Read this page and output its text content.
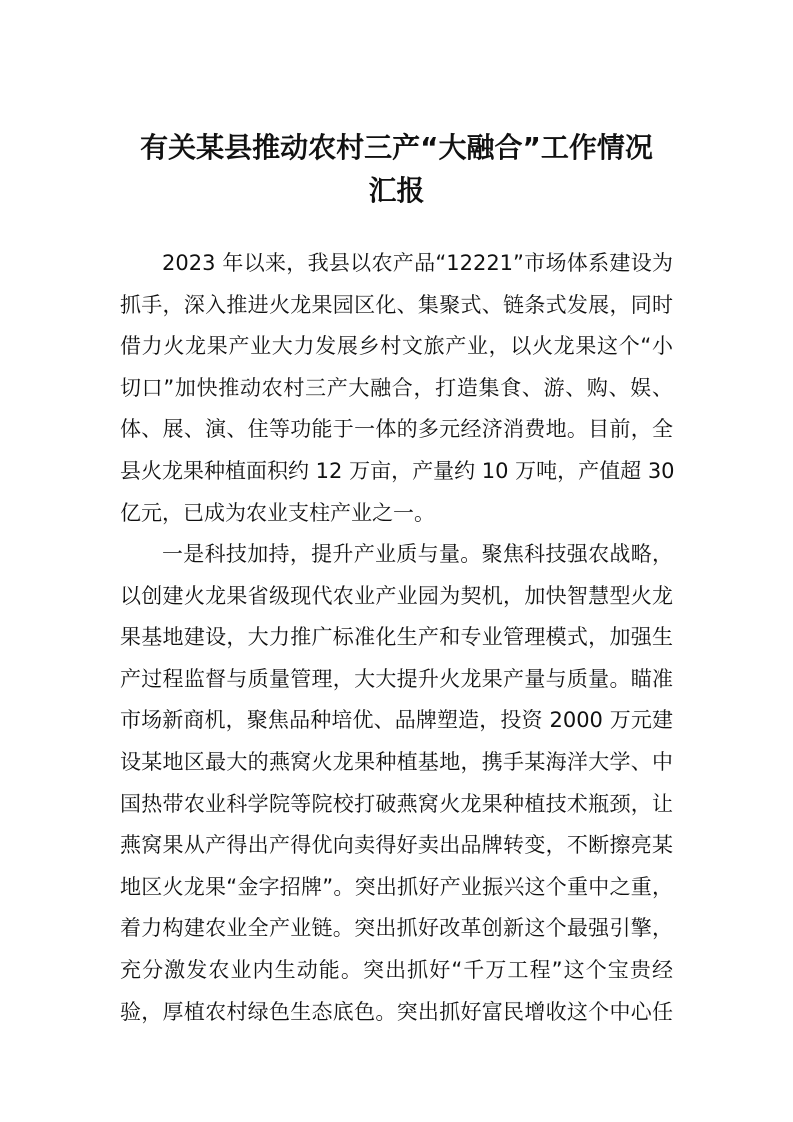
有关某县推动农村三产“大融合”工作情况
汇报
2023 年以来，我县以农产品“12221”市场体系建设为
抓手，深入推进火龙果园区化、集聚式、链条式发展，同时
借力火龙果产业大力发展乡村文旅产业，以火龙果这个“小
切口”加快推动农村三产大融合，打造集食、游、购、娱、
体、展、演、住等功能于一体的多元经济消费地。目前，全
县火龙果种植面积约 12 万亩，产量约 10 万吨，产值超 30
亿元，已成为农业支柱产业之一。
一是科技加持，提升产业质与量。聚焦科技强农战略，
以创建火龙果省级现代农业产业园为契机，加快智慧型火龙
果基地建设，大力推广标准化生产和专业管理模式，加强生
产过程监督与质量管理，大大提升火龙果产量与质量。瞄准
市场新商机，聚焦品种培优、品牌塑造，投资 2000 万元建
设某地区最大的燕窝火龙果种植基地，携手某海洋大学、中
国热带农业科学院等院校打破燕窝火龙果种植技术瓶颈，让
燕窝果从产得出产得优向卖得好卖出品牌转变，不断擦亮某
地区火龙果“金字招牌”。突出抓好产业振兴这个重中之重，
着力构建农业全产业链。突出抓好改革创新这个最强引擎，
充分激发农业内生动能。突出抓好“千万工程”这个宝贵经
验，厚植农村绿色生态底色。突出抓好富民增收这个中心任
